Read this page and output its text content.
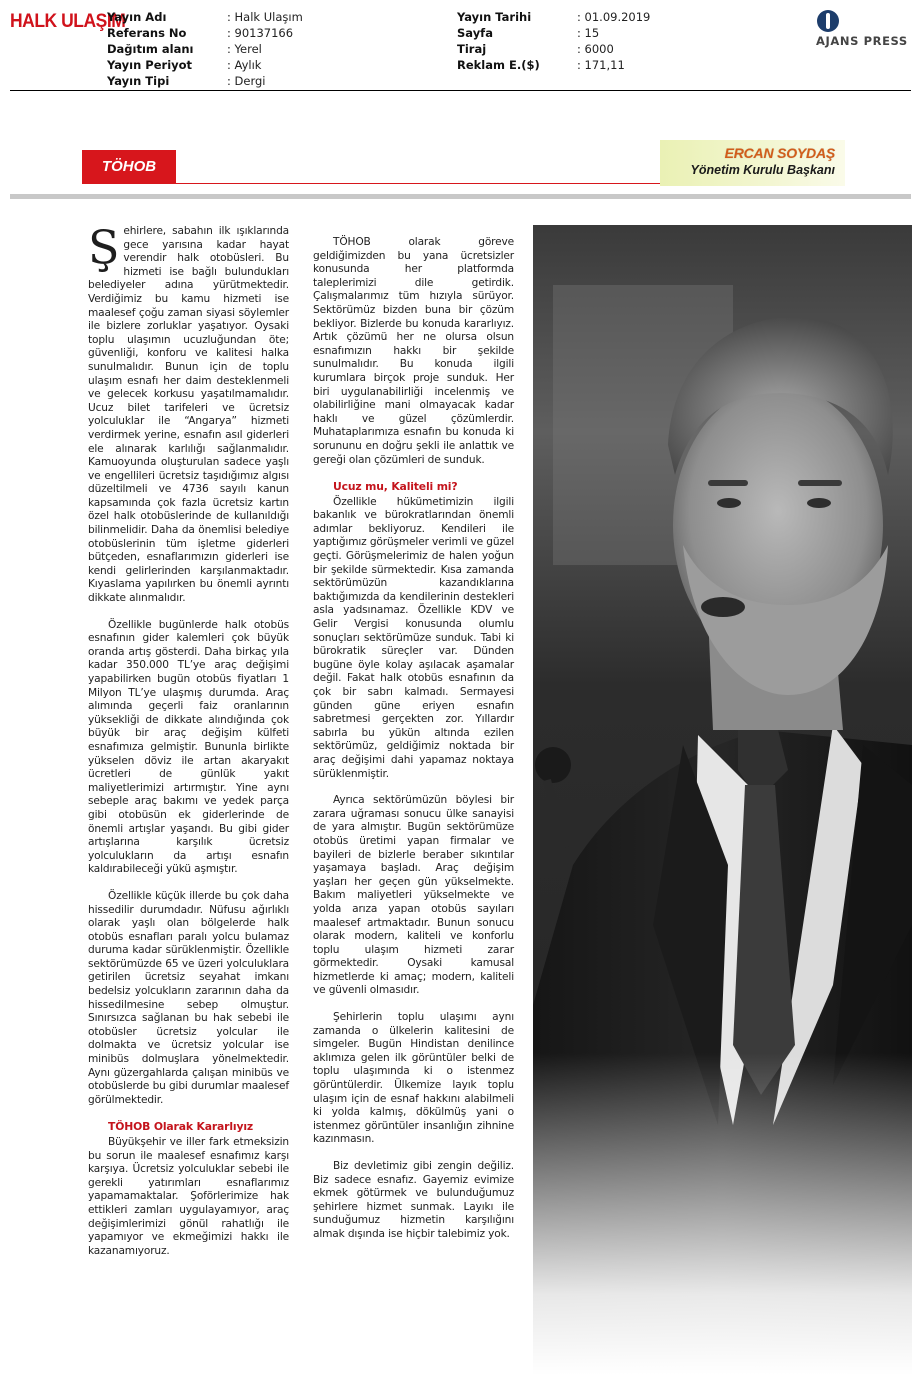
HALK ULAŞIM
Yayın Adı	: Halk Ulaşım
Referans No	: 90137166
Dağıtım alanı	: Yerel
Yayın Periyot	: Aylık
Yayın Tipi	: Dergi
Yayın Tarihi	: 01.09.2019
Sayfa	: 15
Tiraj	: 6000
Reklam E.($)	: 171,11
AJANS PRESS
TÖHOB
ERCAN SOYDAŞ
Yönetim Kurulu Başkanı

Şehirlere, sabahın ilk ışıklarında gece yarısına kadar hayat verendir halk otobüsleri. Bu hizmeti ise bağlı bulundukları belediyeler adına yürütmektedir. Verdiğimiz bu kamu hizmeti ise maalesef çoğu zaman siyasi söylemler ile bizlere zorluklar yaşatıyor. Oysaki toplu ulaşımın ucuzluğundan öte; güvenliği, konforu ve kalitesi halka sunulmalıdır. Bunun için de toplu ulaşım esnafı her daim desteklenmeli ve gelecek korkusu yaşatılmamalıdır. Ucuz bilet tarifeleri ve ücretsiz yolculuklar ile “Angarya” hizmeti verdirmek yerine, esnafın asıl giderleri ele alınarak karlılığı sağlanmalıdır. Kamuoyunda oluşturulan sadece yaşlı ve engellileri ücretsiz taşıdığımız algısı düzeltilmeli ve 4736 sayılı kanun kapsamında çok fazla ücretsiz kartın özel halk otobüslerinde de kullanıldığı bilinmelidir. Daha da önemlisi belediye otobüslerinin tüm işletme giderleri bütçeden, esnaflarımızın giderleri ise kendi gelirlerinden karşılanmaktadır. Kıyaslama yapılırken bu önemli ayrıntı dikkate alınmalıdır.

Özellikle bugünlerde halk otobüs esnafının gider kalemleri çok büyük oranda artış gösterdi. Daha birkaç yıla kadar 350.000 TL’ye araç değişimi yapabilirken bugün otobüs fiyatları 1 Milyon TL’ye ulaşmış durumda. Araç alımında geçerli faiz oranlarının yüksekliği de dikkate alındığında çok büyük bir araç değişim külfeti esnafımıza gelmiştir. Bununla birlikte yükselen döviz ile artan akaryakıt ücretleri de günlük yakıt maliyetlerimizi artırmıştır. Yine aynı sebeple araç bakımı ve yedek parça gibi otobüsün ek giderlerinde de önemli artışlar yaşandı. Bu gibi gider artışlarına karşılık ücretsiz yolculukların da artışı esnafın kaldırabileceği yükü aşmıştır.

Özellikle küçük illerde bu çok daha hissedilir durumdadır. Nüfusu ağırlıklı olarak yaşlı olan bölgelerde halk otobüs esnafları paralı yolcu bulamaz duruma kadar sürüklenmiştir. Özellikle sektörümüzde 65 ve üzeri yolculuklara getirilen ücretsiz seyahat imkanı bedelsiz yolcukların zararının daha da hissedilmesine sebep olmuştur. Sınırsızca sağlanan bu hak sebebi ile otobüsler ücretsiz yolcular ile dolmakta ve ücretsiz yolcular ise minibüs dolmuşlara yönelmektedir. Aynı güzergahlarda çalışan minibüs ve otobüslerde bu gibi durumlar maalesef görülmektedir.

TÖHOB Olarak Kararlıyız

Büyükşehir ve iller fark etmeksizin bu sorun ile maalesef esnafımız karşı karşıya. Ücretsiz yolculuklar sebebi ile gerekli yatırımları esnaflarımız yapamamaktalar. Şoförlerimize hak ettikleri zamları uygulayamıyor, araç değişimlerimizi gönül rahatlığı ile yapamıyor ve ekmeğimizi hakkı ile kazanamıyoruz.

TÖHOB olarak göreve geldiğimizden bu yana ücretsizler konusunda her platformda taleplerimizi dile getirdik. Çalışmalarımız tüm hızıyla sürüyor. Sektörümüz bizden buna bir çözüm bekliyor. Bizlerde bu konuda kararlıyız. Artık çözümü her ne olursa olsun esnafımızın hakkı bir şekilde sunulmalıdır. Bu konuda ilgili kurumlara birçok proje sunduk. Her biri uygulanabilirliği incelenmiş ve olabilirliğine mani olmayacak kadar haklı ve güzel çözümlerdir. Muhataplarımıza esnafın bu konuda ki sorununu en doğru şekli ile anlattık ve gereği olan çözümleri de sunduk.

Ucuz mu, Kaliteli mi?

Özellikle hükümetimizin ilgili bakanlık ve bürokratlarından önemli adımlar bekliyoruz. Kendileri ile yaptığımız görüşmeler verimli ve güzel geçti. Görüşmelerimiz de halen yoğun bir şekilde sürmektedir. Kısa zamanda sektörümüzün kazandıklarına baktığımızda da kendilerinin destekleri asla yadsınamaz. Özellikle KDV ve Gelir Vergisi konusunda olumlu sonuçları sektörümüze sunduk. Tabi ki bürokratik süreçler var. Dünden bugüne öyle kolay aşılacak aşamalar değil. Fakat halk otobüs esnafının da çok bir sabrı kalmadı. Sermayesi günden güne eriyen esnafın sabretmesi gerçekten zor. Yıllardır sabırla bu yükün altında ezilen sektörümüz, geldiğimiz noktada bir araç değişimi dahi yapamaz noktaya sürüklenmiştir.

Ayrıca sektörümüzün böylesi bir zarara uğraması sonucu ülke sanayisi de yara almıştır. Bugün sektörümüze otobüs üretimi yapan firmalar ve bayileri de bizlerle beraber sıkıntılar yaşamaya başladı. Araç değişim yaşları her geçen gün yükselmekte. Bakım maliyetleri yükselmekte ve yolda arıza yapan otobüs sayıları maalesef artmaktadır. Bunun sonucu olarak modern, kaliteli ve konforlu toplu ulaşım hizmeti zarar görmektedir. Oysaki kamusal hizmetlerde ki amaç; modern, kaliteli ve güvenli olmasıdır.

Şehirlerin toplu ulaşımı aynı zamanda o ülkelerin kalitesini de simgeler. Bugün Hindistan denilince aklımıza gelen ilk görüntüler belki de toplu ulaşımında ki o istenmez görüntülerdir. Ülkemize layık toplu ulaşım için de esnaf hakkını alabilmeli ki yolda kalmış, dökülmüş yani o istenmez görüntüler insanlığın zihnine kazınmasın.

Biz devletimiz gibi zengin değiliz. Biz sadece esnafız. Gayemiz evimize ekmek götürmek ve bulunduğumuz şehirlere hizmet sunmak. Layıkı ile sunduğumuz hizmetin karşılığını almak dışında ise hiçbir talebimiz yok.
